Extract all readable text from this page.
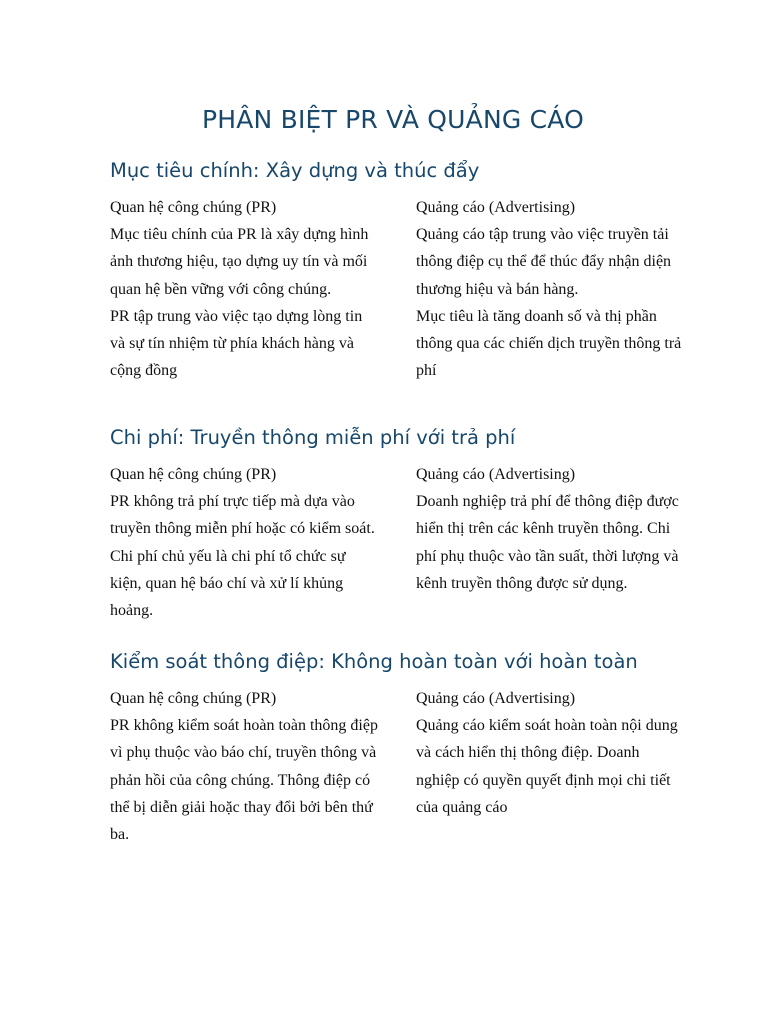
PHÂN BIỆT PR VÀ QUẢNG CÁO
Mục tiêu chính: Xây dựng và thúc đẩy

Quan hệ công chúng (PR)

Mục tiêu chính của PR là xây dựng hình ảnh thương hiệu, tạo dựng uy tín và mối quan hệ bền vững với công chúng.

PR tập trung vào việc tạo dựng lòng tin và sự tín nhiệm từ phía khách hàng và cộng đồng

Quảng cáo (Advertising)

Quảng cáo tập trung vào việc truyền tải thông điệp cụ thể để thúc đẩy nhận diện thương hiệu và bán hàng.

Mục tiêu là tăng doanh số và thị phần thông qua các chiến dịch truyền thông trả phí

Chi phí: Truyền thông miễn phí với trả phí

Quan hệ công chúng (PR)

PR không trả phí trực tiếp mà dựa vào truyền thông miễn phí hoặc có kiểm soát. Chi phí chủ yếu là chi phí tổ chức sự kiện, quan hệ báo chí và xử lí khủng hoảng.

Quảng cáo (Advertising)

Doanh nghiệp trả phí để thông điệp được hiển thị trên các kênh truyền thông. Chi phí phụ thuộc vào tần suất, thời lượng và kênh truyền thông được sử dụng.

Kiểm soát thông điệp: Không hoàn toàn với hoàn toàn

Quan hệ công chúng (PR)

PR không kiểm soát hoàn toàn thông điệp vì phụ thuộc vào báo chí, truyền thông và phản hồi của công chúng. Thông điệp có thể bị diễn giải hoặc thay đổi bởi bên thứ ba.

Quảng cáo (Advertising)

Quảng cáo kiểm soát hoàn toàn nội dung và cách hiển thị thông điệp. Doanh nghiệp có quyền quyết định mọi chi tiết của quảng cáo
